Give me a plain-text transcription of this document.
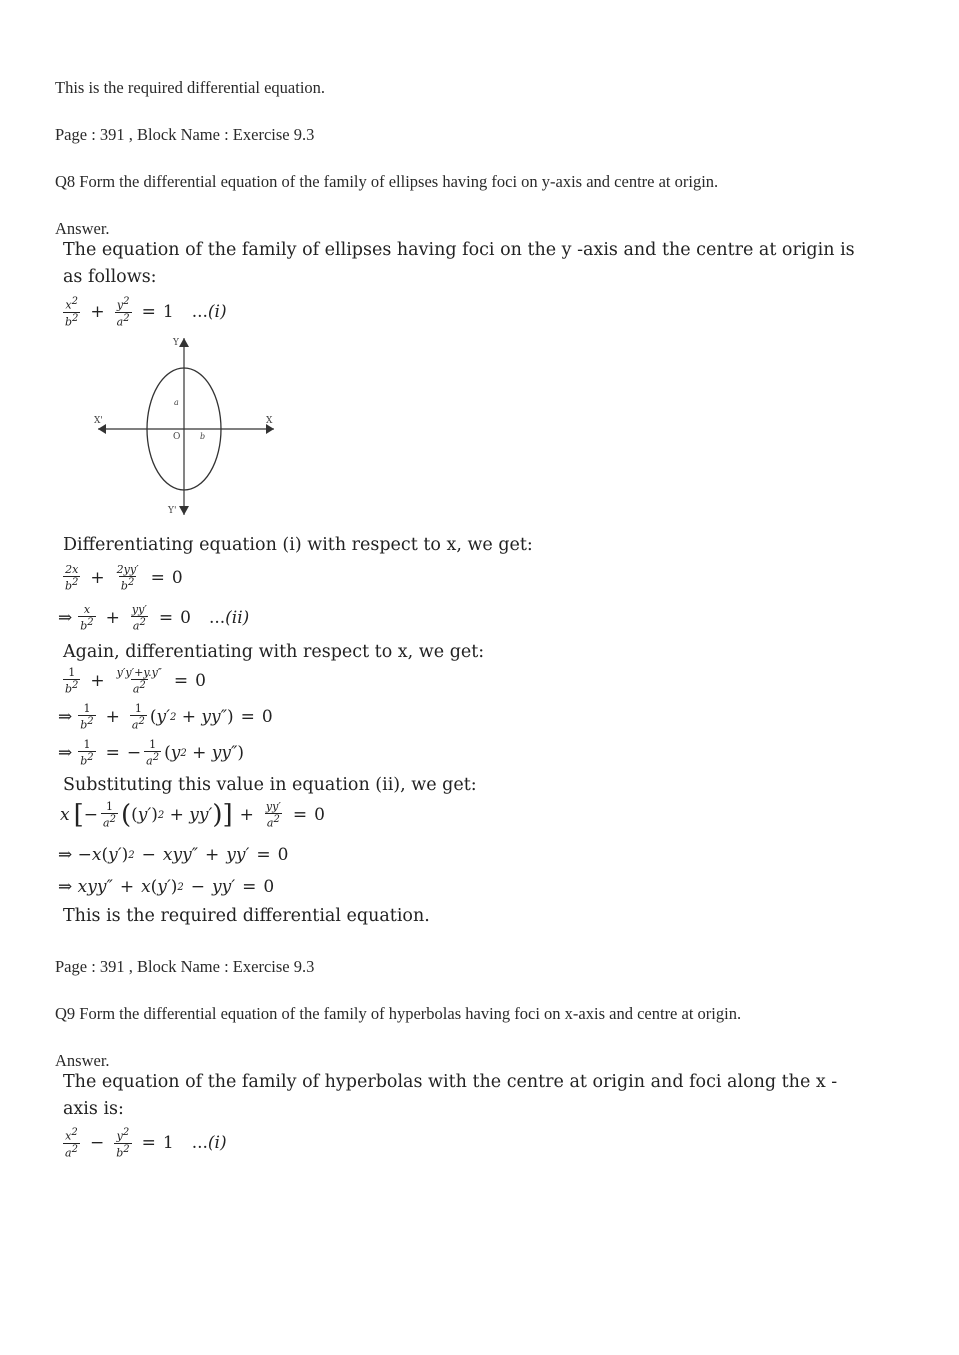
This is the required differential equation.
Page : 391 , Block Name : Exercise 9.3
Q8 Form the differential equation of the family of ellipses having foci on y-axis and centre at origin.
Answer.
The equation of the family of ellipses having foci on the y -axis and the centre at origin is
as follows:
$\frac{x^2}{b^2} + \frac{y^2}{a^2} = 1$ ... ( i )
Y
Y'
X'	X
O
a
b
Differentiating equation (i) with respect to x, we get:
$\frac{2x}{b^2} + \frac{2yy'}{b^2} = 0$
⇒ $\frac{x}{b^2} + \frac{yy'}{a^2} = 0$ ... ( ii )
Again, differentiating with respect to x, we get:
$\frac{1}{b^2} + \frac{y'y'+y.y''}{a^2} = 0$
⇒ $\frac{1}{b^2} + \frac{1}{a^2}$ ( y′ 2
+ yy″ ) = 0
⇒ $\frac{1}{b^2}$ = − $\frac{1}{a^2}$ ( y 2
+ yy″ )
Substituting this value in equation (ii), we get:
x [ − $\frac{1}{a^2}$ ( ( y′ ) 2
+ yy′ ) ] + $\frac{yy'}{a^2} = 0$
⇒
− x ( y′ ) 2 − xyy″ + yy′ = 0
⇒ xyy″ + x ( y′ ) 2 − yy′ = 0
This is the required differential equation.
Page : 391 , Block Name : Exercise 9.3
Q9 Form the differential equation of the family of hyperbolas having foci on x-axis and centre at origin.
Answer.
The equation of the family of hyperbolas with the centre at origin and foci along the x -
axis is:
$\frac{x^2}{a^2} - \frac{y^2}{b^2} = 1$ ... ( i )
